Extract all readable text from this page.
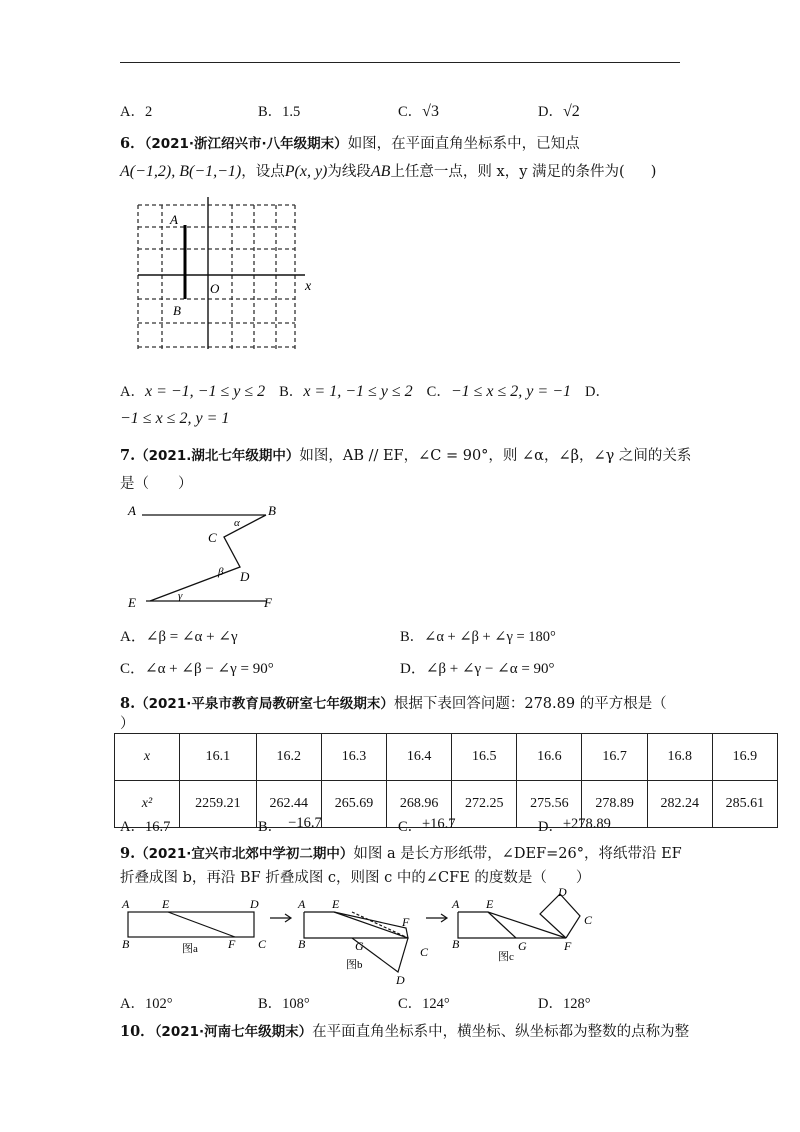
A．2	B．1.5	C．√3	D．√2
6．（2021·浙江绍兴市·八年级期末）如图，在平面直角坐标系中，已知点
A(−1,2), B(−1,−1)，设点P(x, y)为线段AB上任意一点，则 x，y 满足的条件为( )
A
B
O	x
A．x = −1, −1 ≤ y ≤ 2 B．x = 1, −1 ≤ y ≤ 2 C．−1 ≤ x ≤ 2, y = −1 D．
−1 ≤ x ≤ 2, y = 1
7.（2021.湖北七年级期中）如图，AB // EF，∠C = 90°，则 ∠α，∠β，∠γ 之间的关系
是（　　）
A	B
C
D
E	F
α
β
γ
A．∠β = ∠α + ∠γ	B．∠α + ∠β + ∠γ = 180°
C．∠α + ∠β − ∠γ = 90°	D．∠β + ∠γ − ∠α = 90°
8.（2021·平泉市教育局教研室七年级期末）根据下表回答问题：278.89 的平方根是（
）
x	16.1	16.2	16.3	16.4	16.5	16.6	16.7	16.8	16.9
x²	2259.21	262.44	265.69	268.96	272.25	275.56	278.89	282.24	285.61
A．16.7	B． −16.7	C．±16.7	D．±278.89
9.（2021·宜兴市北郊中学初二期中）如图 a 是长方形纸带，∠DEF=26°，将纸带沿 EF
折叠成图 b，再沿 BF 折叠成图 c，则图 c 中的∠CFE 的度数是（　　）
A	E	D
B	F C
图a
A E
F
B	G	C
D
图b
A E
D
C
B	G	F
图c
A．102°	B．108°	C．124°	D．128°
10．（2021·河南七年级期末）在平面直角坐标系中，横坐标、纵坐标都为整数的点称为整
